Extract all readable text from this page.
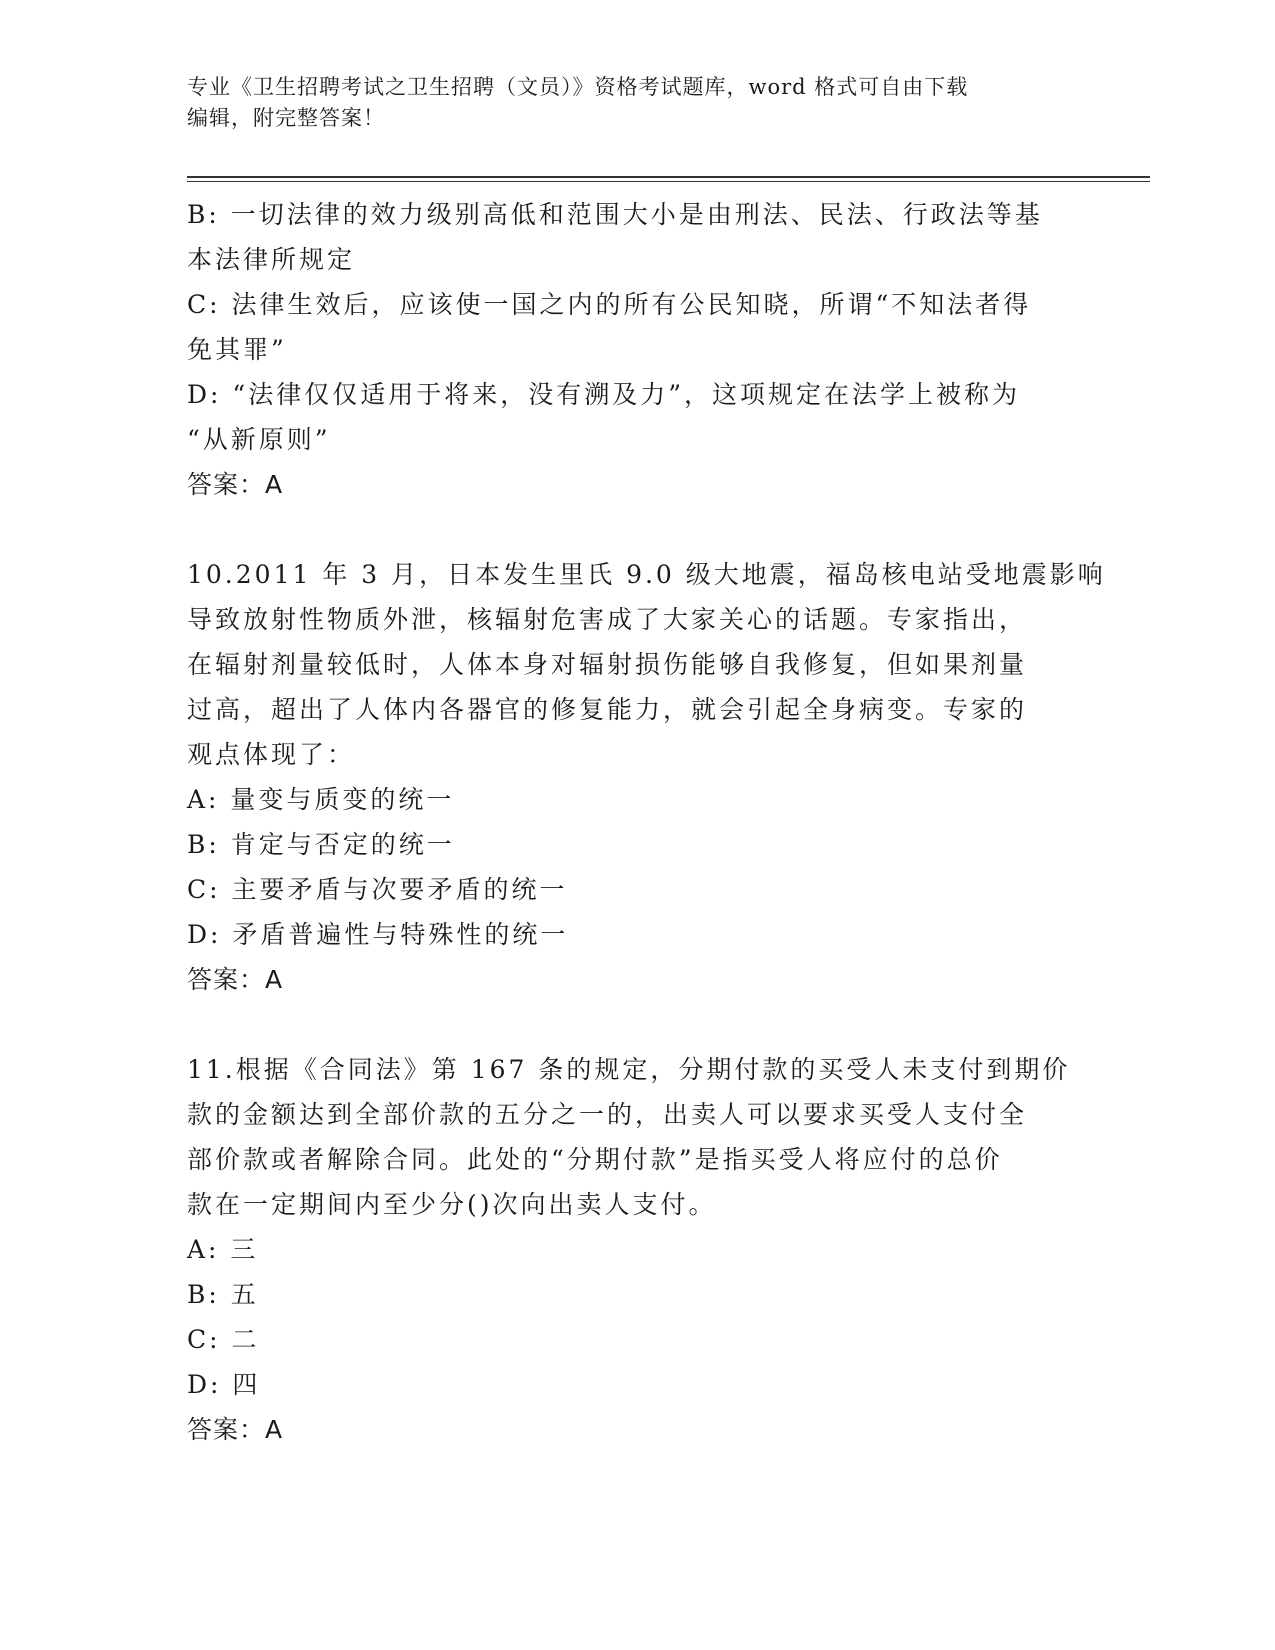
专业《卫生招聘考试之卫生招聘（文员）》资格考试题库，word 格式可自由下载
编辑，附完整答案！
B: 一切法律的效力级别高低和范围大小是由刑法、民法、行政法等基
本法律所规定
C: 法律生效后，应该使一国之内的所有公民知晓，所谓“不知法者得
免其罪”
D: “法律仅仅适用于将来，没有溯及力”，这项规定在法学上被称为
“从新原则”
答案：A
10.2011 年 3 月，日本发生里氏 9.0 级大地震，福岛核电站受地震影响
导致放射性物质外泄，核辐射危害成了大家关心的话题。专家指出，
在辐射剂量较低时，人体本身对辐射损伤能够自我修复，但如果剂量
过高，超出了人体内各器官的修复能力，就会引起全身病变。专家的
观点体现了：
A: 量变与质变的统一
B: 肯定与否定的统一
C: 主要矛盾与次要矛盾的统一
D: 矛盾普遍性与特殊性的统一
答案：A
11.根据《合同法》第 167 条的规定，分期付款的买受人未支付到期价
款的金额达到全部价款的五分之一的，出卖人可以要求买受人支付全
部价款或者解除合同。此处的“分期付款”是指买受人将应付的总价
款在一定期间内至少分()次向出卖人支付。
A: 三
B: 五
C: 二
D: 四
答案：A
